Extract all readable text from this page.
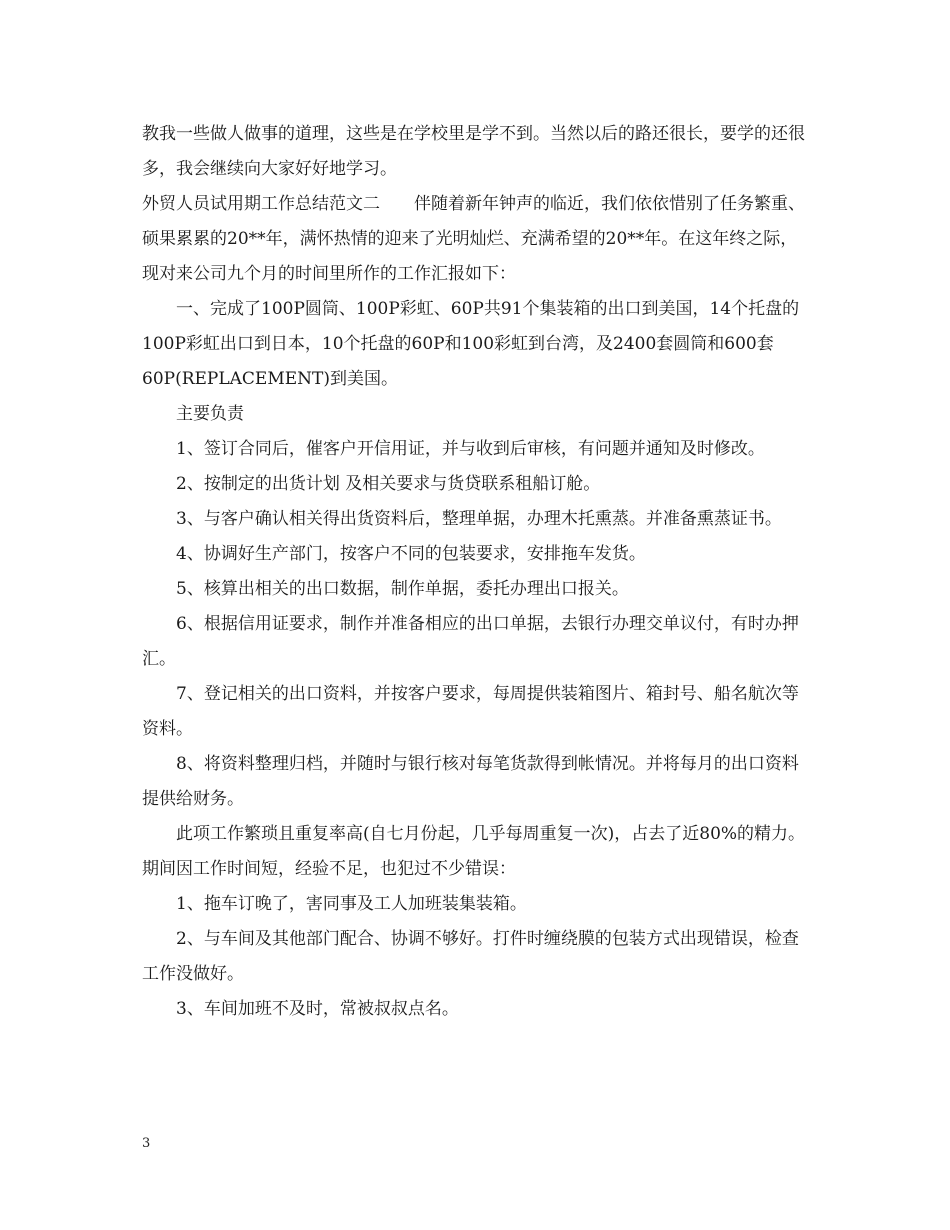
教我一些做人做事的道理，这些是在学校里是学不到。当然以后的路还很长，要学的还很多，我会继续向大家好好地学习。

外贸人员试用期工作总结范文二　　伴随着新年钟声的临近，我们依依惜别了任务繁重、硕果累累的20**年，满怀热情的迎来了光明灿烂、充满希望的20**年。在这年终之际，现对来公司九个月的时间里所作的工作汇报如下：

一、完成了100P圆筒、100P彩虹、60P共91个集装箱的出口到美国，14个托盘的100P彩虹出口到日本，10个托盘的60P和100彩虹到台湾，及2400套圆筒和600套60P(REPLACEMENT)到美国。

主要负责

1、签订合同后，催客户开信用证，并与收到后审核，有问题并通知及时修改。

2、按制定的出货计划 及相关要求与货贷联系租船订舱。

3、与客户确认相关得出货资料后，整理单据，办理木托熏蒸。并准备熏蒸证书。

4、协调好生产部门，按客户不同的包装要求，安排拖车发货。

5、核算出相关的出口数据，制作单据，委托办理出口报关。

6、根据信用证要求，制作并准备相应的出口单据，去银行办理交单议付，有时办押汇。

7、登记相关的出口资料，并按客户要求，每周提供装箱图片、箱封号、船名航次等资料。

8、将资料整理归档，并随时与银行核对每笔货款得到帐情况。并将每月的出口资料提供给财务。

此项工作繁琐且重复率高(自七月份起，几乎每周重复一次)，占去了近80%的精力。期间因工作时间短，经验不足，也犯过不少错误：

1、拖车订晚了，害同事及工人加班装集装箱。

2、与车间及其他部门配合、协调不够好。打件时缠绕膜的包装方式出现错误，检查工作没做好。

3、车间加班不及时，常被叔叔点名。

3
